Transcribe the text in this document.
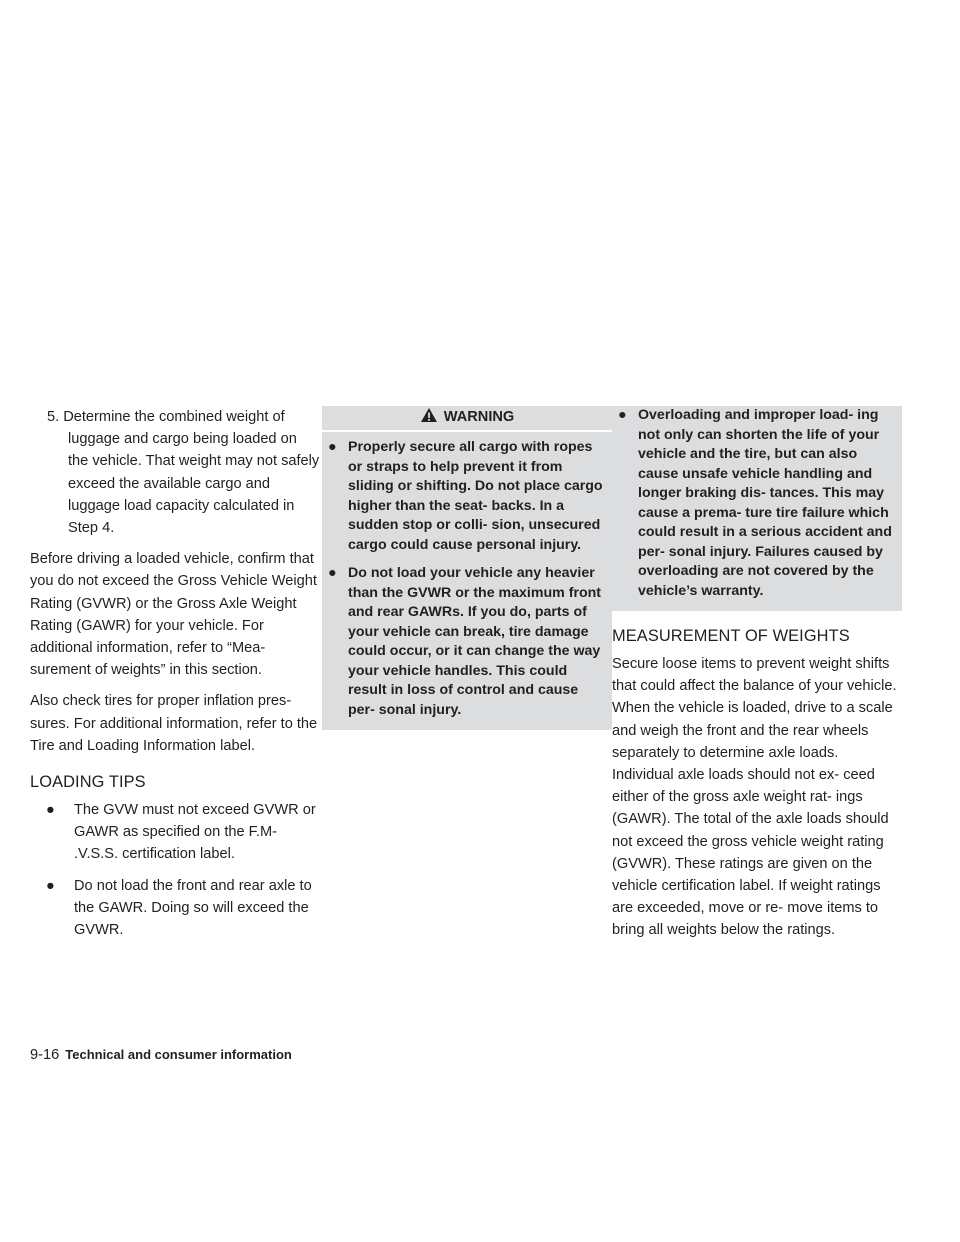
5. Determine the combined weight of luggage and cargo being loaded on the vehicle. That weight may not safely exceed the available cargo and luggage load capacity calculated in Step 4.

Before driving a loaded vehicle, confirm that you do not exceed the Gross Vehicle Weight Rating (GVWR) or the Gross Axle Weight Rating (GAWR) for your vehicle. For additional information, refer to “Mea- surement of weights” in this section.

Also check tires for proper inflation pres- sures. For additional information, refer to the Tire and Loading Information label.

LOADING TIPS
● The GVW must not exceed GVWR or GAWR as specified on the F.M- .V.S.S. certification label.
● Do not load the front and rear axle to the GAWR. Doing so will exceed the GVWR.
WARNING
● Properly secure all cargo with ropes or straps to help prevent it from sliding or shifting. Do not place cargo higher than the seat- backs. In a sudden stop or colli- sion, unsecured cargo could cause personal injury.
● Do not load your vehicle any heavier than the GVWR or the maximum front and rear GAWRs. If you do, parts of your vehicle can break, tire damage could occur, or it can change the way your vehicle handles. This could result in loss of control and cause per- sonal injury.
● Overloading and improper load- ing not only can shorten the life of your vehicle and the tire, but can also cause unsafe vehicle handling and longer braking dis- tances. This may cause a prema- ture tire failure which could result in a serious accident and per- sonal injury. Failures caused by overloading are not covered by the vehicle’s warranty.
MEASUREMENT OF WEIGHTS

Secure loose items to prevent weight shifts that could affect the balance of your vehicle. When the vehicle is loaded, drive to a scale and weigh the front and the rear wheels separately to determine axle loads. Individual axle loads should not ex- ceed either of the gross axle weight rat- ings (GAWR). The total of the axle loads should not exceed the gross vehicle weight rating (GVWR). These ratings are given on the vehicle certification label. If weight ratings are exceeded, move or re- move items to bring all weights below the ratings.

9-16 Technical and consumer information
